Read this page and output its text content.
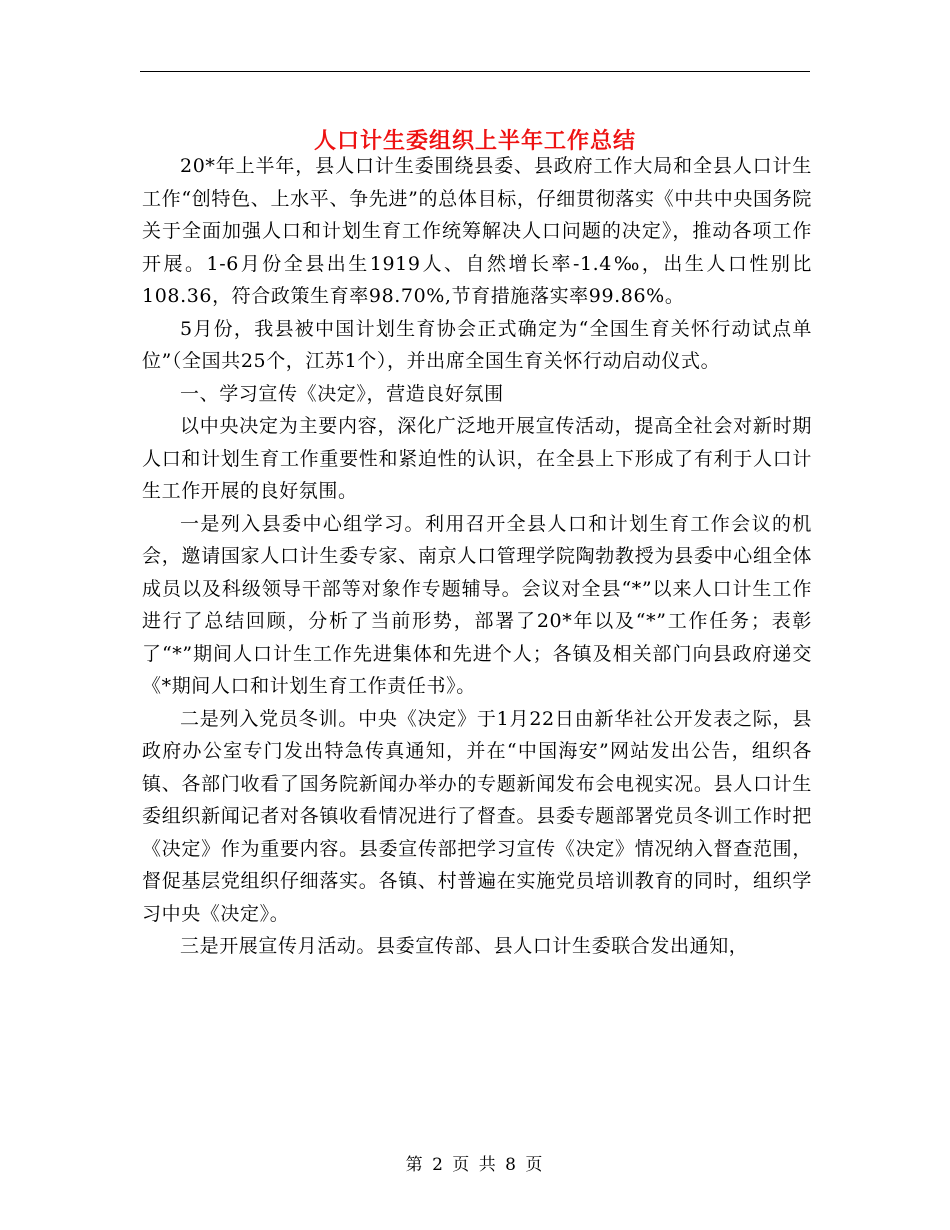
人口计生委组织上半年工作总结

20*年上半年，县人口计生委围绕县委、县政府工作大局和全县人口计生工作“创特色、上水平、争先进”的总体目标，仔细贯彻落实《中共中央国务院关于全面加强人口和计划生育工作统筹解决人口问题的决定》，推动各项工作开展。1-6月份全县出生1919人、自然增长率-1.4‰，出生人口性别比108.36，符合政策生育率98.70%,节育措施落实率99.86%。

5月份，我县被中国计划生育协会正式确定为“全国生育关怀行动试点单位”（全国共25个，江苏1个），并出席全国生育关怀行动启动仪式。

一、学习宣传《决定》，营造良好氛围

以中央决定为主要内容，深化广泛地开展宣传活动，提高全社会对新时期人口和计划生育工作重要性和紧迫性的认识，在全县上下形成了有利于人口计生工作开展的良好氛围。

一是列入县委中心组学习。利用召开全县人口和计划生育工作会议的机会，邀请国家人口计生委专家、南京人口管理学院陶勃教授为县委中心组全体成员以及科级领导干部等对象作专题辅导。会议对全县“*”以来人口计生工作进行了总结回顾，分析了当前形势，部署了20*年以及“*”工作任务；表彰了“*”期间人口计生工作先进集体和先进个人；各镇及相关部门向县政府递交《*期间人口和计划生育工作责任书》。

二是列入党员冬训。中央《决定》于1月22日由新华社公开发表之际，县政府办公室专门发出特急传真通知，并在“中国海安”网站发出公告，组织各镇、各部门收看了国务院新闻办举办的专题新闻发布会电视实况。县人口计生委组织新闻记者对各镇收看情况进行了督查。县委专题部署党员冬训工作时把《决定》作为重要内容。县委宣传部把学习宣传《决定》情况纳入督查范围，督促基层党组织仔细落实。各镇、村普遍在实施党员培训教育的同时，组织学习中央《决定》。

三是开展宣传月活动。县委宣传部、县人口计生委联合发出通知，

第 2 页 共 8 页
